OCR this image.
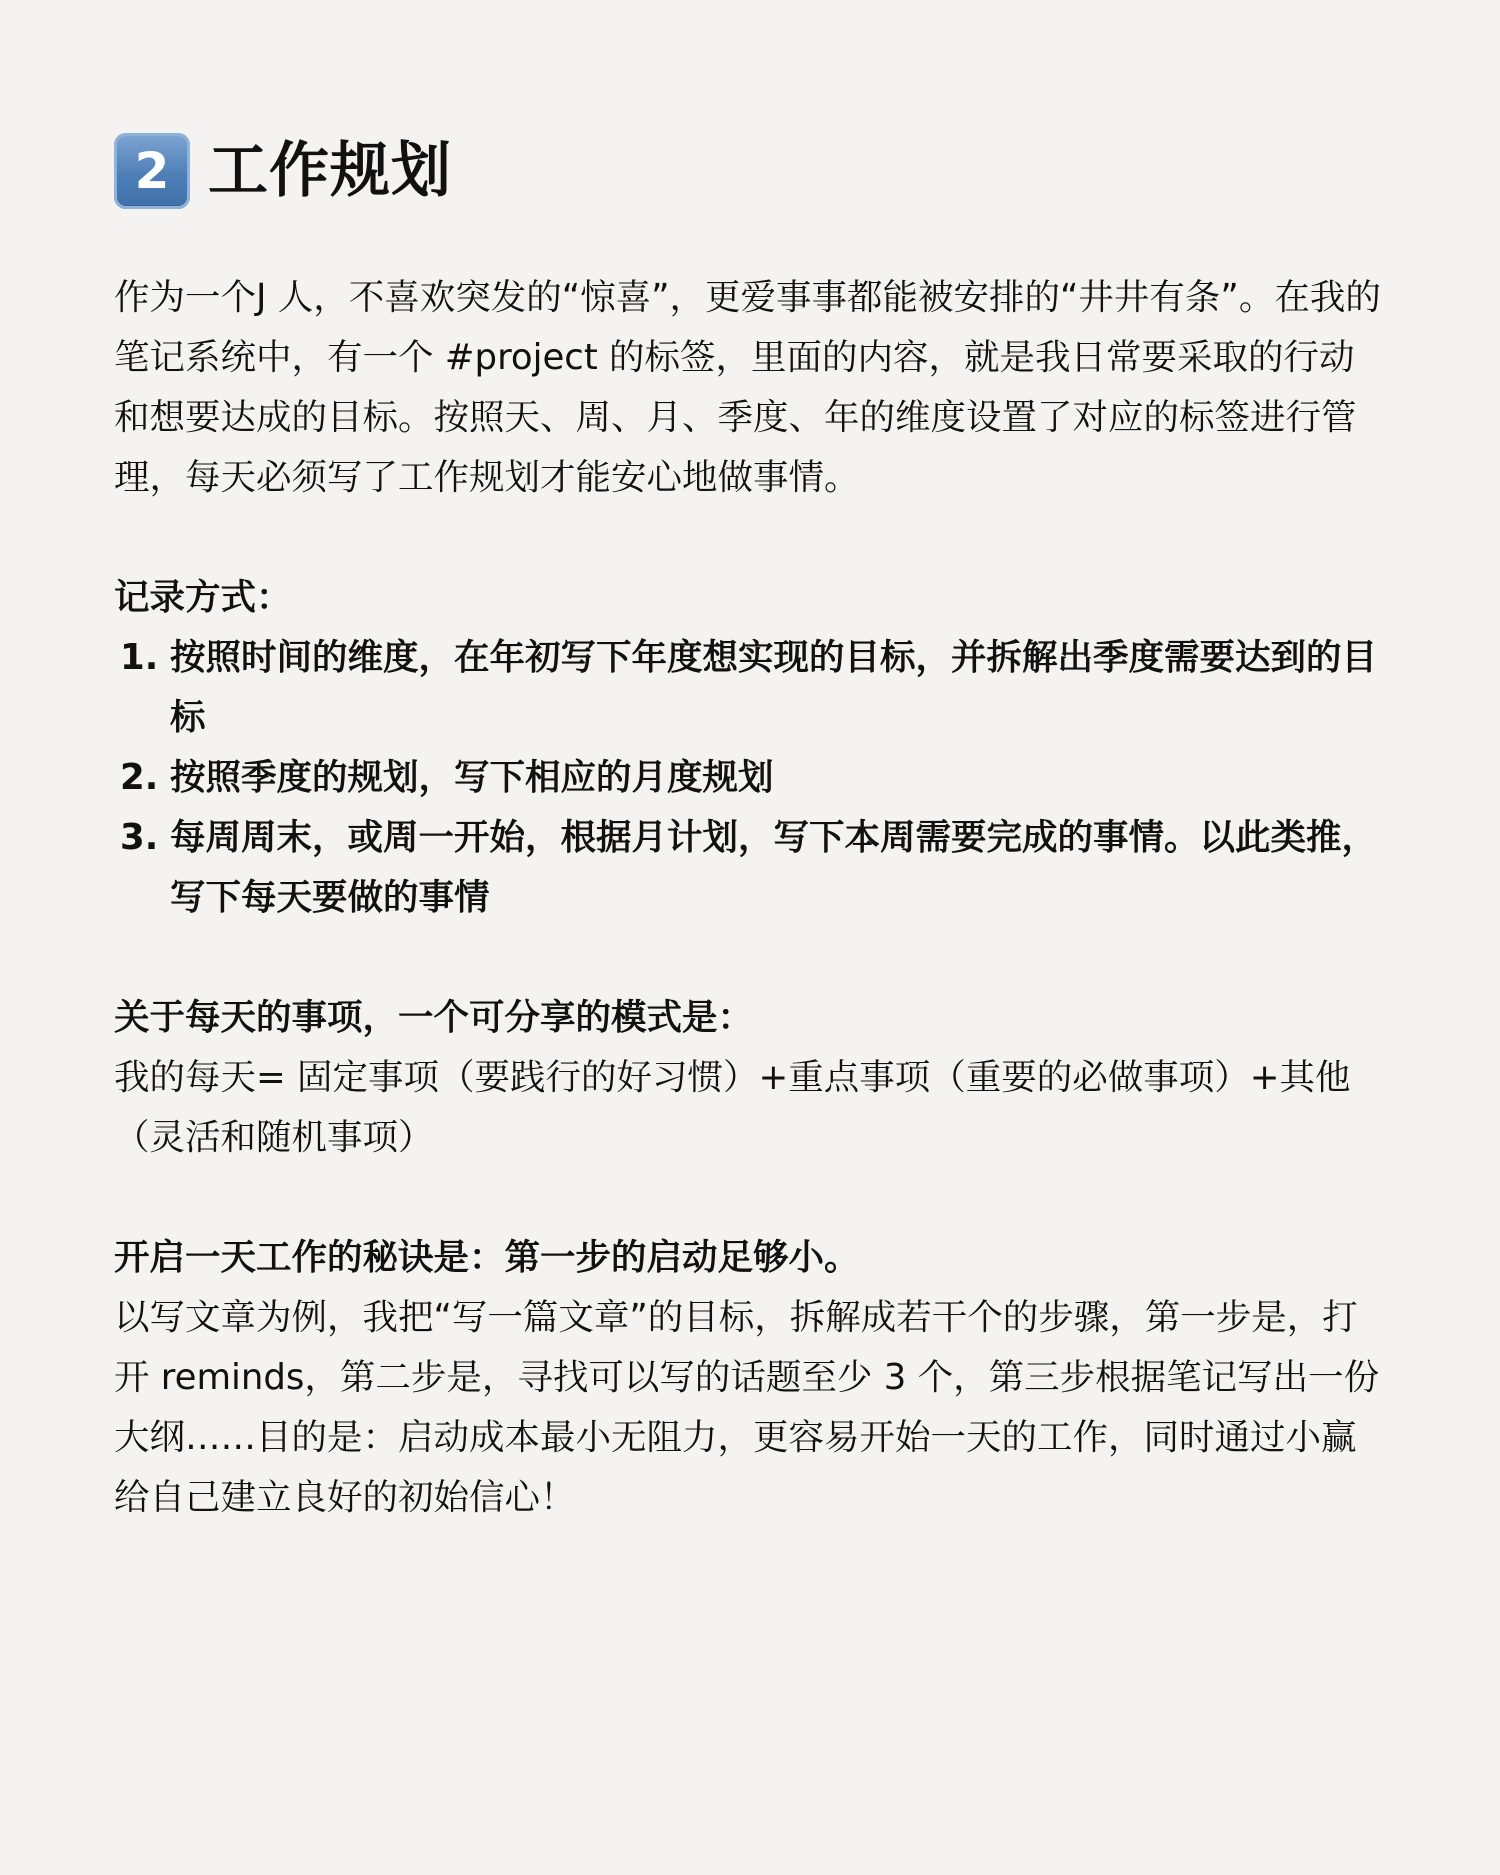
2 工作规划

作为一个J 人，不喜欢突发的“惊喜”，更爱事事都能被安排的“井井有条”。在我的笔记系统中，有一个 #project 的标签，里面的内容，就是我日常要采取的行动和想要达成的目标。按照天、周、月、季度、年的维度设置了对应的标签进行管理，每天必须写了工作规划才能安心地做事情。

记录方式：

1. 按照时间的维度，在年初写下年度想实现的目标，并拆解出季度需要达到的目标
2. 按照季度的规划，写下相应的月度规划
3. 每周周末，或周一开始，根据月计划，写下本周需要完成的事情。以此类推，写下每天要做的事情

关于每天的事项，一个可分享的模式是：

我的每天= 固定事项（要践行的好习惯）+重点事项（重要的必做事项）+其他（灵活和随机事项）

开启一天工作的秘诀是：第一步的启动足够小。

以写文章为例，我把“写一篇文章”的目标，拆解成若干个的步骤，第一步是，打开 reminds，第二步是，寻找可以写的话题至少 3 个，第三步根据笔记写出一份大纲……目的是：启动成本最小无阻力，更容易开始一天的工作，同时通过小赢给自己建立良好的初始信心！
